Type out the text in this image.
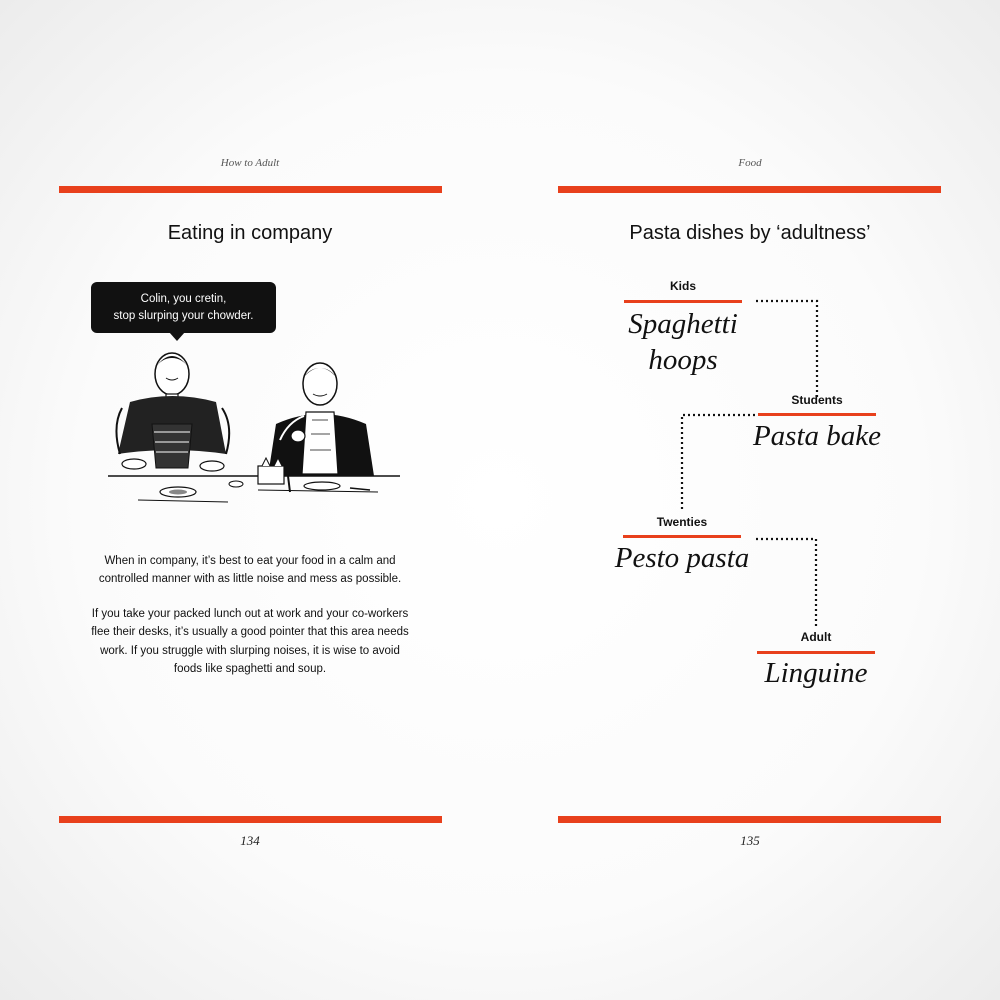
How to Adult
Eating in company
Colin, you cretin,
stop slurping your chowder.

When in company, it’s best to eat your food in a calm and controlled manner with as little noise and mess as possible.

If you take your packed lunch out at work and your co-workers flee their desks, it’s usually a good pointer that this area needs work. If you struggle with slurping noises, it is wise to avoid foods like spaghetti and soup.

134
Food
Pasta dishes by ‘adultness’
Kids
Spaghetti
hoops
Students
Pasta bake
Twenties
Pesto pasta
Adult
Linguine
135
